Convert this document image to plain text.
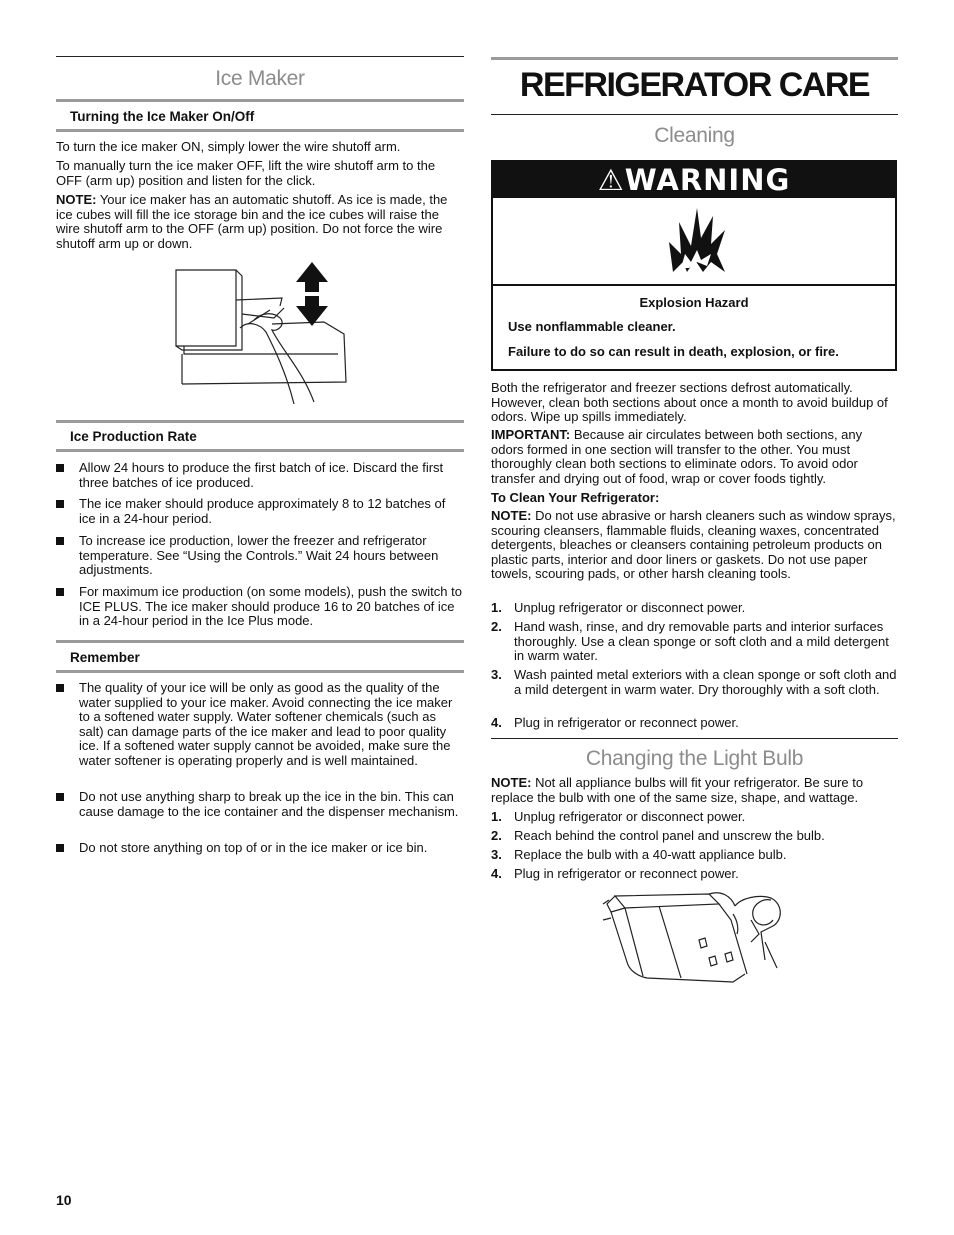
Ice Maker
Turning the Ice Maker On/Off

To turn the ice maker ON, simply lower the wire shutoff arm.

To manually turn the ice maker OFF, lift the wire shutoff arm to the OFF (arm up) position and listen for the click.

NOTE: Your ice maker has an automatic shutoff. As ice is made, the ice cubes will fill the ice storage bin and the ice cubes will raise the wire shutoff arm to the OFF (arm up) position. Do not force the wire shutoff arm up or down.

Ice Production Rate
Allow 24 hours to produce the first batch of ice. Discard the first three batches of ice produced.
The ice maker should produce approximately 8 to 12 batches of ice in a 24-hour period.
To increase ice production, lower the freezer and refrigerator temperature. See “Using the Controls.” Wait 24 hours between adjustments.
For maximum ice production (on some models), push the switch to ICE PLUS. The ice maker should produce 16 to 20 batches of ice in a 24-hour period in the Ice Plus mode.
Remember
The quality of your ice will be only as good as the quality of the water supplied to your ice maker. Avoid connecting the ice maker to a softened water supply. Water softener chemicals (such as salt) can damage parts of the ice maker and lead to poor quality ice. If a softened water supply cannot be avoided, make sure the water softener is operating properly and is well maintained.
Do not use anything sharp to break up the ice in the bin. This can cause damage to the ice container and the dispenser mechanism.
Do not store anything on top of or in the ice maker or ice bin.
REFRIGERATOR CARE
Cleaning
⚠WARNING
Explosion Hazard
Use nonflammable cleaner.
Failure to do so can result in death, explosion, or fire.

Both the refrigerator and freezer sections defrost automatically. However, clean both sections about once a month to avoid buildup of odors. Wipe up spills immediately.

IMPORTANT: Because air circulates between both sections, any odors formed in one section will transfer to the other. You must thoroughly clean both sections to eliminate odors. To avoid odor transfer and drying out of food, wrap or cover foods tightly.

To Clean Your Refrigerator:

NOTE: Do not use abrasive or harsh cleaners such as window sprays, scouring cleansers, flammable fluids, cleaning waxes, concentrated detergents, bleaches or cleansers containing petroleum products on plastic parts, interior and door liners or gaskets. Do not use paper towels, scouring pads, or other harsh cleaning tools.

1. Unplug refrigerator or disconnect power.
2. Hand wash, rinse, and dry removable parts and interior surfaces thoroughly. Use a clean sponge or soft cloth and a mild detergent in warm water.
3. Wash painted metal exteriors with a clean sponge or soft cloth and a mild detergent in warm water. Dry thoroughly with a soft cloth.
4. Plug in refrigerator or reconnect power.
Changing the Light Bulb

NOTE: Not all appliance bulbs will fit your refrigerator. Be sure to replace the bulb with one of the same size, shape, and wattage.

1. Unplug refrigerator or disconnect power.
2. Reach behind the control panel and unscrew the bulb.
3. Replace the bulb with a 40-watt appliance bulb.
4. Plug in refrigerator or reconnect power.
10
